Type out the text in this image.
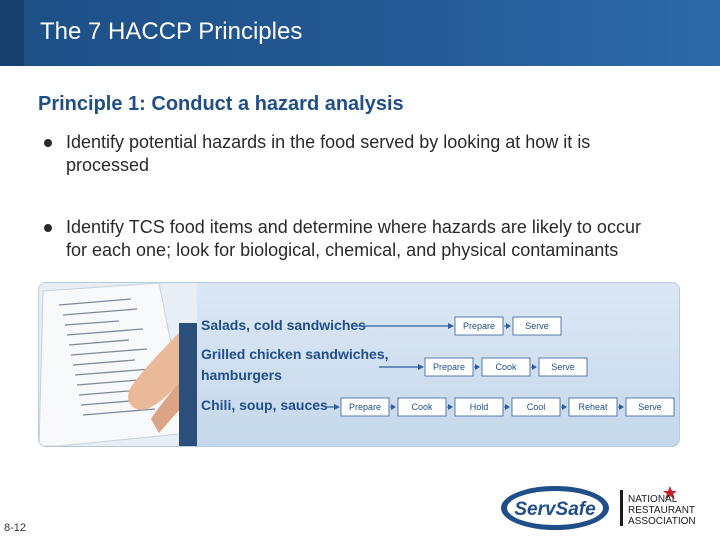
The 7 HACCP Principles
Principle 1: Conduct a hazard analysis
Identify potential hazards in the food served by looking at how it is processed
Identify TCS food items and determine where hazards are likely to occur for each one; look for biological, chemical, and physical contaminants
Salads, cold sandwiches	Prepare	Serve
Grilled chicken sandwiches,
hamburgers	Prepare	Cook	Serve
Chili, soup, sauces Prepare	Cook	Hold	Cool	Reheat	Serve
8-12
ServSafe	NATIONAL
RESTAURANT
ASSOCIATION
